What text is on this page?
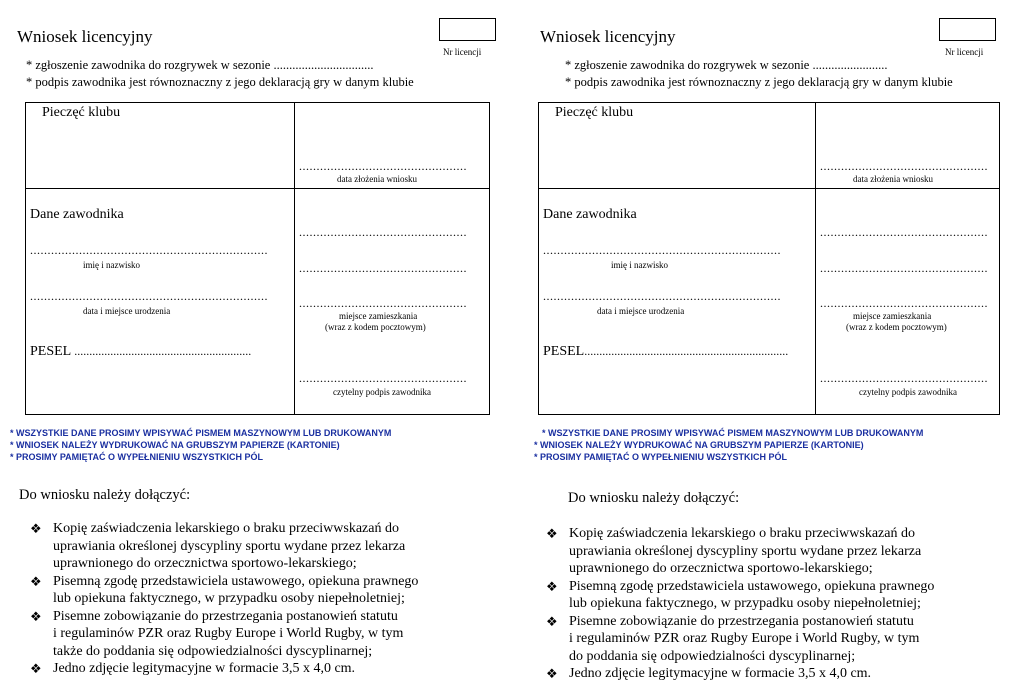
Wniosek licencyjny
Nr licencji
* zgłoszenie zawodnika do rozgrywek w sezonie ................................
* podpis zawodnika jest równoznaczny z jego deklaracją gry w danym klubie
Pieczęć klubu
................................................
data złożenia wniosku
Dane zawodnika
....................................................................
imię i nazwisko
....................................................................
data i miejsce urodzenia
PESEL ...........................................................
................................................
................................................
................................................
miejsce zamieszkania
(wraz z kodem pocztowym)
................................................
czytelny podpis zawodnika
* WSZYSTKIE DANE PROSIMY WPISYWAĆ PISMEM MASZYNOWYM LUB DRUKOWANYM
* WNIOSEK NALEŻY WYDRUKOWAĆ NA GRUBSZYM PAPIERZE (KARTONIE)
* PROSIMY PAMIĘTAĆ O WYPEŁNIENIU WSZYSTKICH PÓL
Do wniosku należy dołączyć:
❖ Kopię zaświadczenia lekarskiego o braku przeciwwskazań do
uprawiania określonej dyscypliny sportu wydane przez lekarza
uprawnionego do orzecznictwa sportowo-lekarskiego;
❖ Pisemną zgodę przedstawiciela ustawowego, opiekuna prawnego
lub opiekuna faktycznego, w przypadku osoby niepełnoletniej;
❖ Pisemne zobowiązanie do przestrzegania postanowień statutu
i regulaminów PZR oraz Rugby Europe i World Rugby, w tym
także do poddania się odpowiedzialności dyscyplinarnej;
❖ Jedno zdjęcie legitymacyjne w formacie 3,5 x 4,0 cm.
Wniosek licencyjny
Nr licencji
* zgłoszenie zawodnika do rozgrywek w sezonie ........................
* podpis zawodnika jest równoznaczny z jego deklaracją gry w danym klubie
Pieczęć klubu
................................................
data złożenia wniosku
Dane zawodnika
....................................................................
imię i nazwisko
....................................................................
data i miejsce urodzenia
PESEL....................................................................
................................................
................................................
................................................
miejsce zamieszkania
(wraz z kodem pocztowym)
................................................
czytelny podpis zawodnika
* WSZYSTKIE DANE PROSIMY WPISYWAĆ PISMEM MASZYNOWYM LUB DRUKOWANYM
* WNIOSEK NALEŻY WYDRUKOWAĆ NA GRUBSZYM PAPIERZE (KARTONIE)
* PROSIMY PAMIĘTAĆ O WYPEŁNIENIU WSZYSTKICH PÓL
Do wniosku należy dołączyć:
❖ Kopię zaświadczenia lekarskiego o braku przeciwwskazań do
uprawiania określonej dyscypliny sportu wydane przez lekarza
uprawnionego do orzecznictwa sportowo-lekarskiego;
❖ Pisemną zgodę przedstawiciela ustawowego, opiekuna prawnego
lub opiekuna faktycznego, w przypadku osoby niepełnoletniej;
❖ Pisemne zobowiązanie do przestrzegania postanowień statutu
i regulaminów PZR oraz Rugby Europe i World Rugby, w tym
do poddania się odpowiedzialności dyscyplinarnej;
❖ Jedno zdjęcie legitymacyjne w formacie 3,5 x 4,0 cm.
